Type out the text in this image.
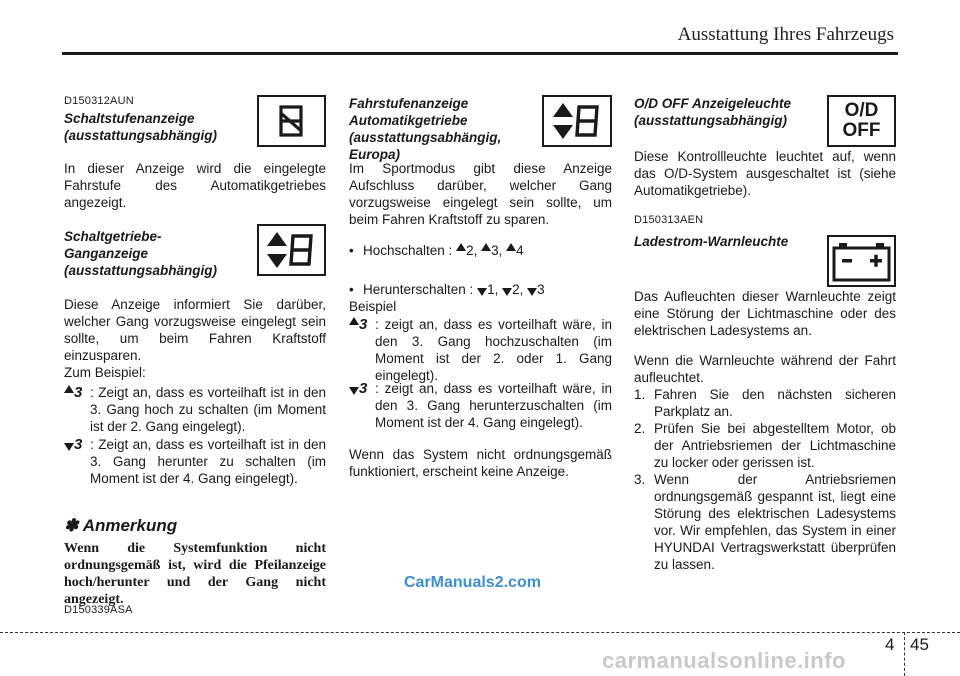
Ausstattung Ihres Fahrzeugs
D150312AUN
Schaltstufenanzeige (ausstattungsabhängig)
In dieser Anzeige wird die eingelegte Fahrstufe des Automatikgetriebes angezeigt.
Schaltgetriebe-Ganganzeige (ausstattungsabhängig)
Diese Anzeige informiert Sie darüber, welcher Gang vorzugsweise eingelegt sein sollte, um beim Fahren Kraftstoff einzusparen.
Zum Beispiel:
3 : Zeigt an, dass es vorteilhaft ist in den 3. Gang hoch zu schalten (im Moment ist der 2. Gang eingelegt).
3 : Zeigt an, dass es vorteilhaft ist in den 3. Gang herunter zu schalten (im Moment ist der 4. Gang eingelegt).
✽ Anmerkung
Wenn die Systemfunktion nicht ordnungsgemäß ist, wird die Pfeilanzeige hoch/herunter und der Gang nicht angezeigt.
D150339ASA
Fahrstufenanzeige Automatikgetriebe (ausstattungsabhängig, Europa)
Im Sportmodus gibt diese Anzeige Aufschluss darüber, welcher Gang vorzugsweise eingelegt sein sollte, um beim Fahren Kraftstoff zu sparen.
• Hochschalten : 2, 3, 4
• Herunterschalten : 1, 2, 3
Beispiel
3 : zeigt an, dass es vorteilhaft wäre, in den 3. Gang hochzuschalten (im Moment ist der 2. oder 1. Gang eingelegt).
3 : zeigt an, dass es vorteilhaft wäre, in den 3. Gang herunterzuschalten (im Moment ist der 4. Gang eingelegt).
Wenn das System nicht ordnungsgemäß funktioniert, erscheint keine Anzeige.
O/D OFF Anzeigeleuchte (ausstattungsabhängig)	O/D
OFF
Diese Kontrollleuchte leuchtet auf, wenn das O/D-System ausgeschaltet ist (siehe Automatikgetriebe).
D150313AEN
Ladestrom-Warnleuchte
Das Aufleuchten dieser Warnleuchte zeigt eine Störung der Lichtmaschine oder des elektrischen Ladesystems an.
Wenn die Warnleuchte während der Fahrt aufleuchtet.
1. Fahren Sie den nächsten sicheren Parkplatz an.
2. Prüfen Sie bei abgestelltem Motor, ob der Antriebsriemen der Lichtmaschine zu locker oder gerissen ist.
3. Wenn der Antriebsriemen ordnungsgemäß gespannt ist, liegt eine Störung des elektrischen Ladesystems vor. Wir empfehlen, das System in einer HYUNDAI Vertragswerkstatt überprüfen zu lassen.
CarManuals2.com
4 45
carmanualsonline.info
